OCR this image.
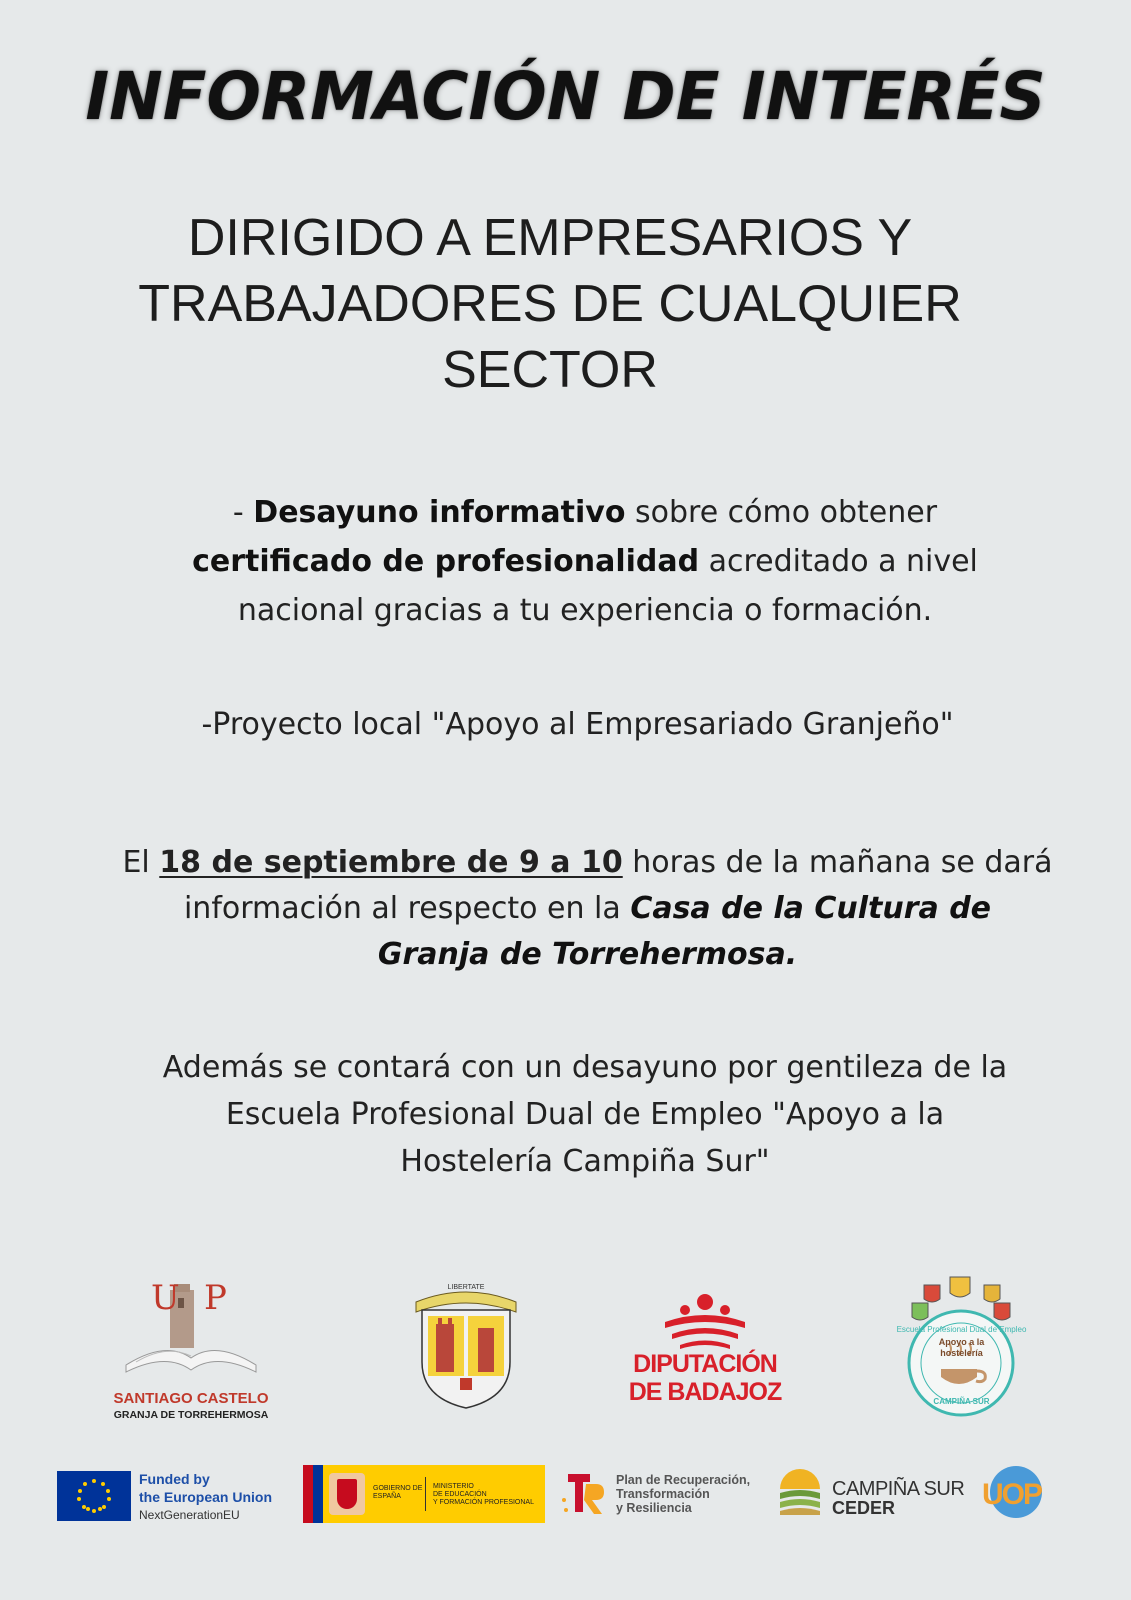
INFORMACIÓN DE INTERÉS
DIRIGIDO A EMPRESARIOS Y
TRABAJADORES DE CUALQUIER
SECTOR
- Desayuno informativo sobre cómo obtener
certificado de profesionalidad acreditado a nivel
nacional gracias a tu experiencia o formación.
-Proyecto local "Apoyo al Empresariado Granjeño"
El 18 de septiembre de 9 a 10 horas de la mañana se dará
información al respecto en la Casa de la Cultura de
Granja de Torrehermosa.
Además se contará con un desayuno por gentileza de la
Escuela Profesional Dual de Empleo "Apoyo a la
Hostelería Campiña Sur"
U P
SANTIAGO CASTELO
GRANJA DE TORREHERMOSA
LIBERTATE
DIPUTACIÓN
DE BADAJOZ
Escuela Profesional Dual de Empleo
Apoyo a la
hostelería
CAMPIÑA SUR
Funded by
the European Union
NextGenerationEU
GOBIERNO DE ESPAÑA
MINISTERIO
DE EDUCACIÓN
Y FORMACIÓN PROFESIONAL
Plan de Recuperación,
Transformación
y Resiliencia
CAMPIÑA SUR
CEDER	UOP
